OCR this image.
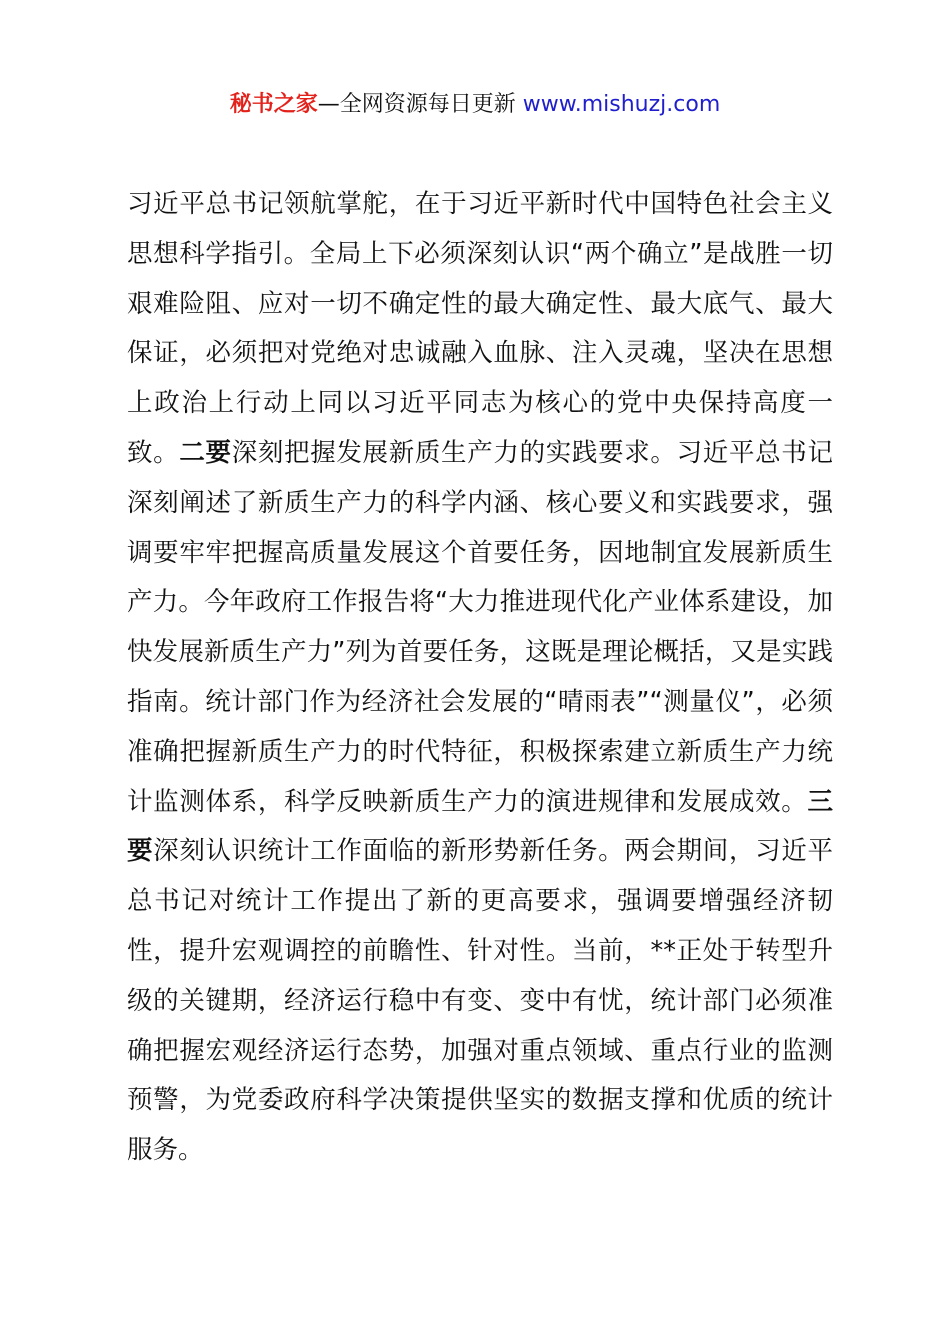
秘书之家—全网资源每日更新 www.mishuzj.com

习近平总书记领航掌舵，在于习近平新时代中国特色社会主义思想科学指引。全局上下必须深刻认识“两个确立”是战胜一切艰难险阻、应对一切不确定性的最大确定性、最大底气、最大保证，必须把对党绝对忠诚融入血脉、注入灵魂，坚决在思想上政治上行动上同以习近平同志为核心的党中央保持高度一致。二要深刻把握发展新质生产力的实践要求。习近平总书记深刻阐述了新质生产力的科学内涵、核心要义和实践要求，强调要牢牢把握高质量发展这个首要任务，因地制宜发展新质生产力。今年政府工作报告将“大力推进现代化产业体系建设，加快发展新质生产力”列为首要任务，这既是理论概括，又是实践指南。统计部门作为经济社会发展的“晴雨表”“测量仪”，必须准确把握新质生产力的时代特征，积极探索建立新质生产力统计监测体系，科学反映新质生产力的演进规律和发展成效。三要深刻认识统计工作面临的新形势新任务。两会期间，习近平总书记对统计工作提出了新的更高要求，强调要增强经济韧性，提升宏观调控的前瞻性、针对性。当前，**正处于转型升级的关键期，经济运行稳中有变、变中有忧，统计部门必须准确把握宏观经济运行态势，加强对重点领域、重点行业的监测预警，为党委政府科学决策提供坚实的数据支撑和优质的统计服务。
